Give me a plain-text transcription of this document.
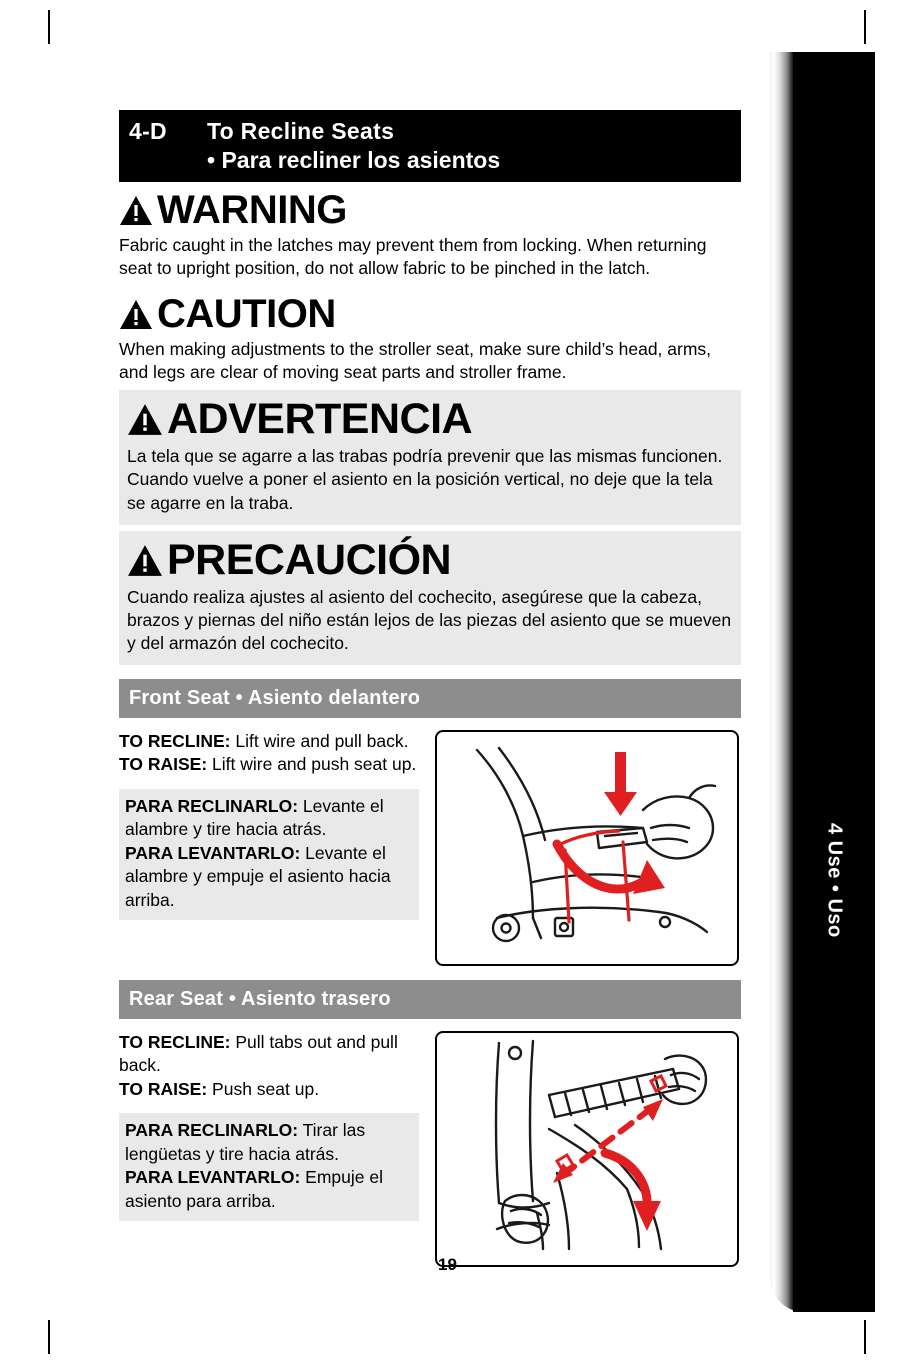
4 Use • Uso
4-D To Recline Seats
• Para recliner los asientos
WARNING
Fabric caught in the latches may prevent them from locking. When returning seat to upright position, do not allow fabric to be pinched in the latch.
CAUTION
When making adjustments to the stroller seat, make sure child’s head, arms, and legs are clear of moving seat parts and stroller frame.
ADVERTENCIA
La tela que se agarre a las trabas podría prevenir que las mismas funcionen. Cuando vuelve a poner el asiento en la posición vertical, no deje que la tela se agarre en la traba.
PRECAUCIÓN
Cuando realiza ajustes al asiento del cochecito, asegúrese que la cabeza, brazos y piernas del niño están lejos de las piezas del asiento que se mueven y del armazón del cochecito.
Front Seat • Asiento delantero
TO RECLINE: Lift wire and pull back.
TO RAISE: Lift wire and push seat up.
PARA RECLINARLO: Levante el alambre y tire hacia atrás.
PARA LEVANTARLO: Levante el alambre y empuje el asiento hacia arriba.
Rear Seat • Asiento trasero
TO RECLINE: Pull tabs out and pull back.
TO RAISE: Push seat up.
PARA RECLINARLO: Tirar las lengüetas y tire hacia atrás.
PARA LEVANTARLO: Empuje el asiento para arriba.
19
